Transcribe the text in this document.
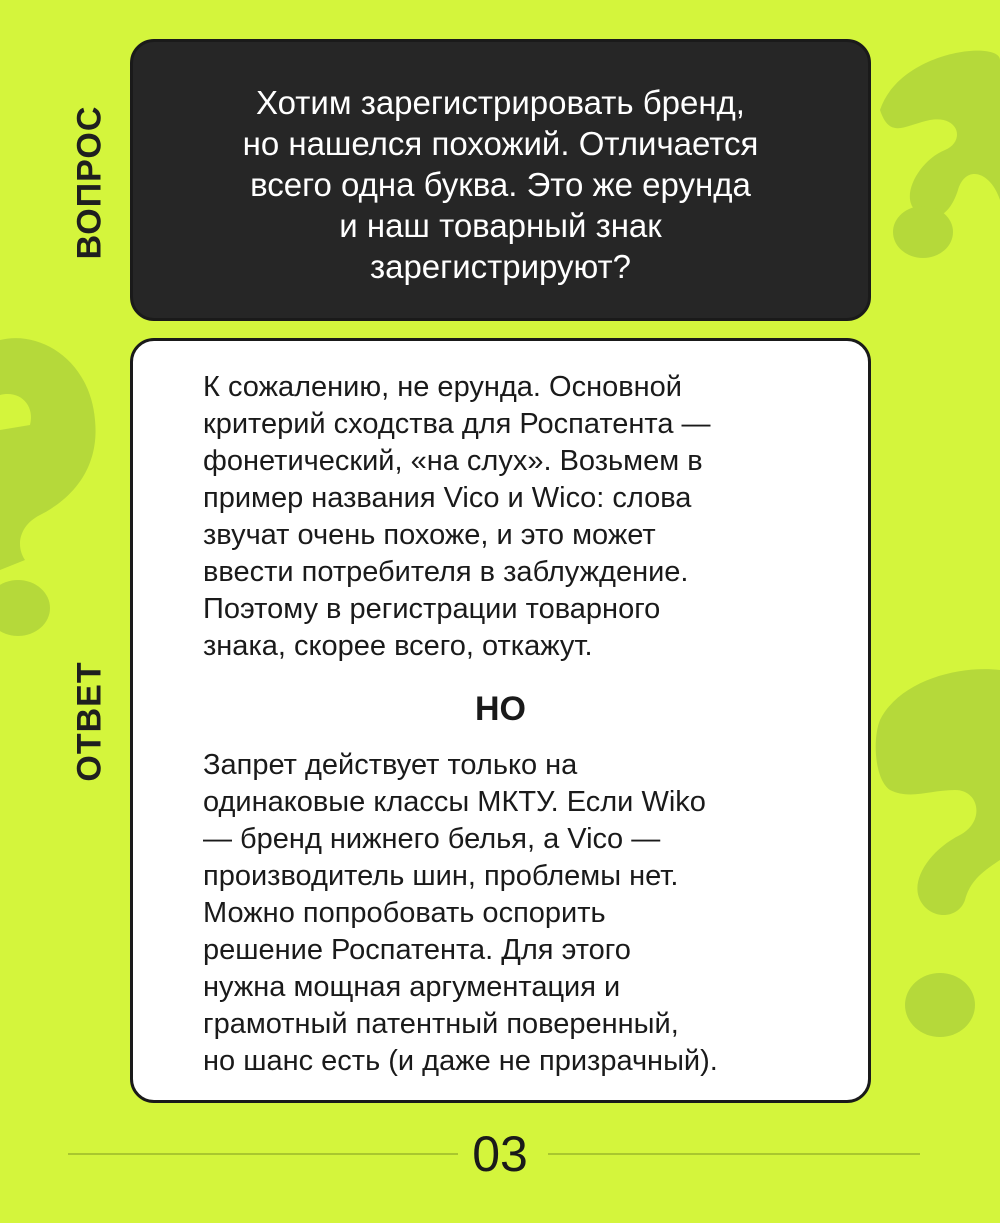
ВОПРОС
ОТВЕТ
Хотим зарегистрировать бренд,
но нашелся похожий. Отличается
всего одна буква. Это же ерунда
и наш товарный знак
зарегистрируют?

К сожалению, не ерунда. Основной
критерий сходства для Роспатента —
фонетический, «на слух». Возьмем в
пример названия Vico и Wico: слова
звучат очень похоже, и это может
ввести потребителя в заблуждение.
Поэтому в регистрации товарного
знака, скорее всего, откажут.

НО

Запрет действует только на
одинаковые классы МКТУ. Если Wiko
— бренд нижнего белья, а Vico —
производитель шин, проблемы нет.
Можно попробовать оспорить
решение Роспатента. Для этого
нужна мощная аргументация и
грамотный патентный поверенный,
но шанс есть (и даже не призрачный).

03
